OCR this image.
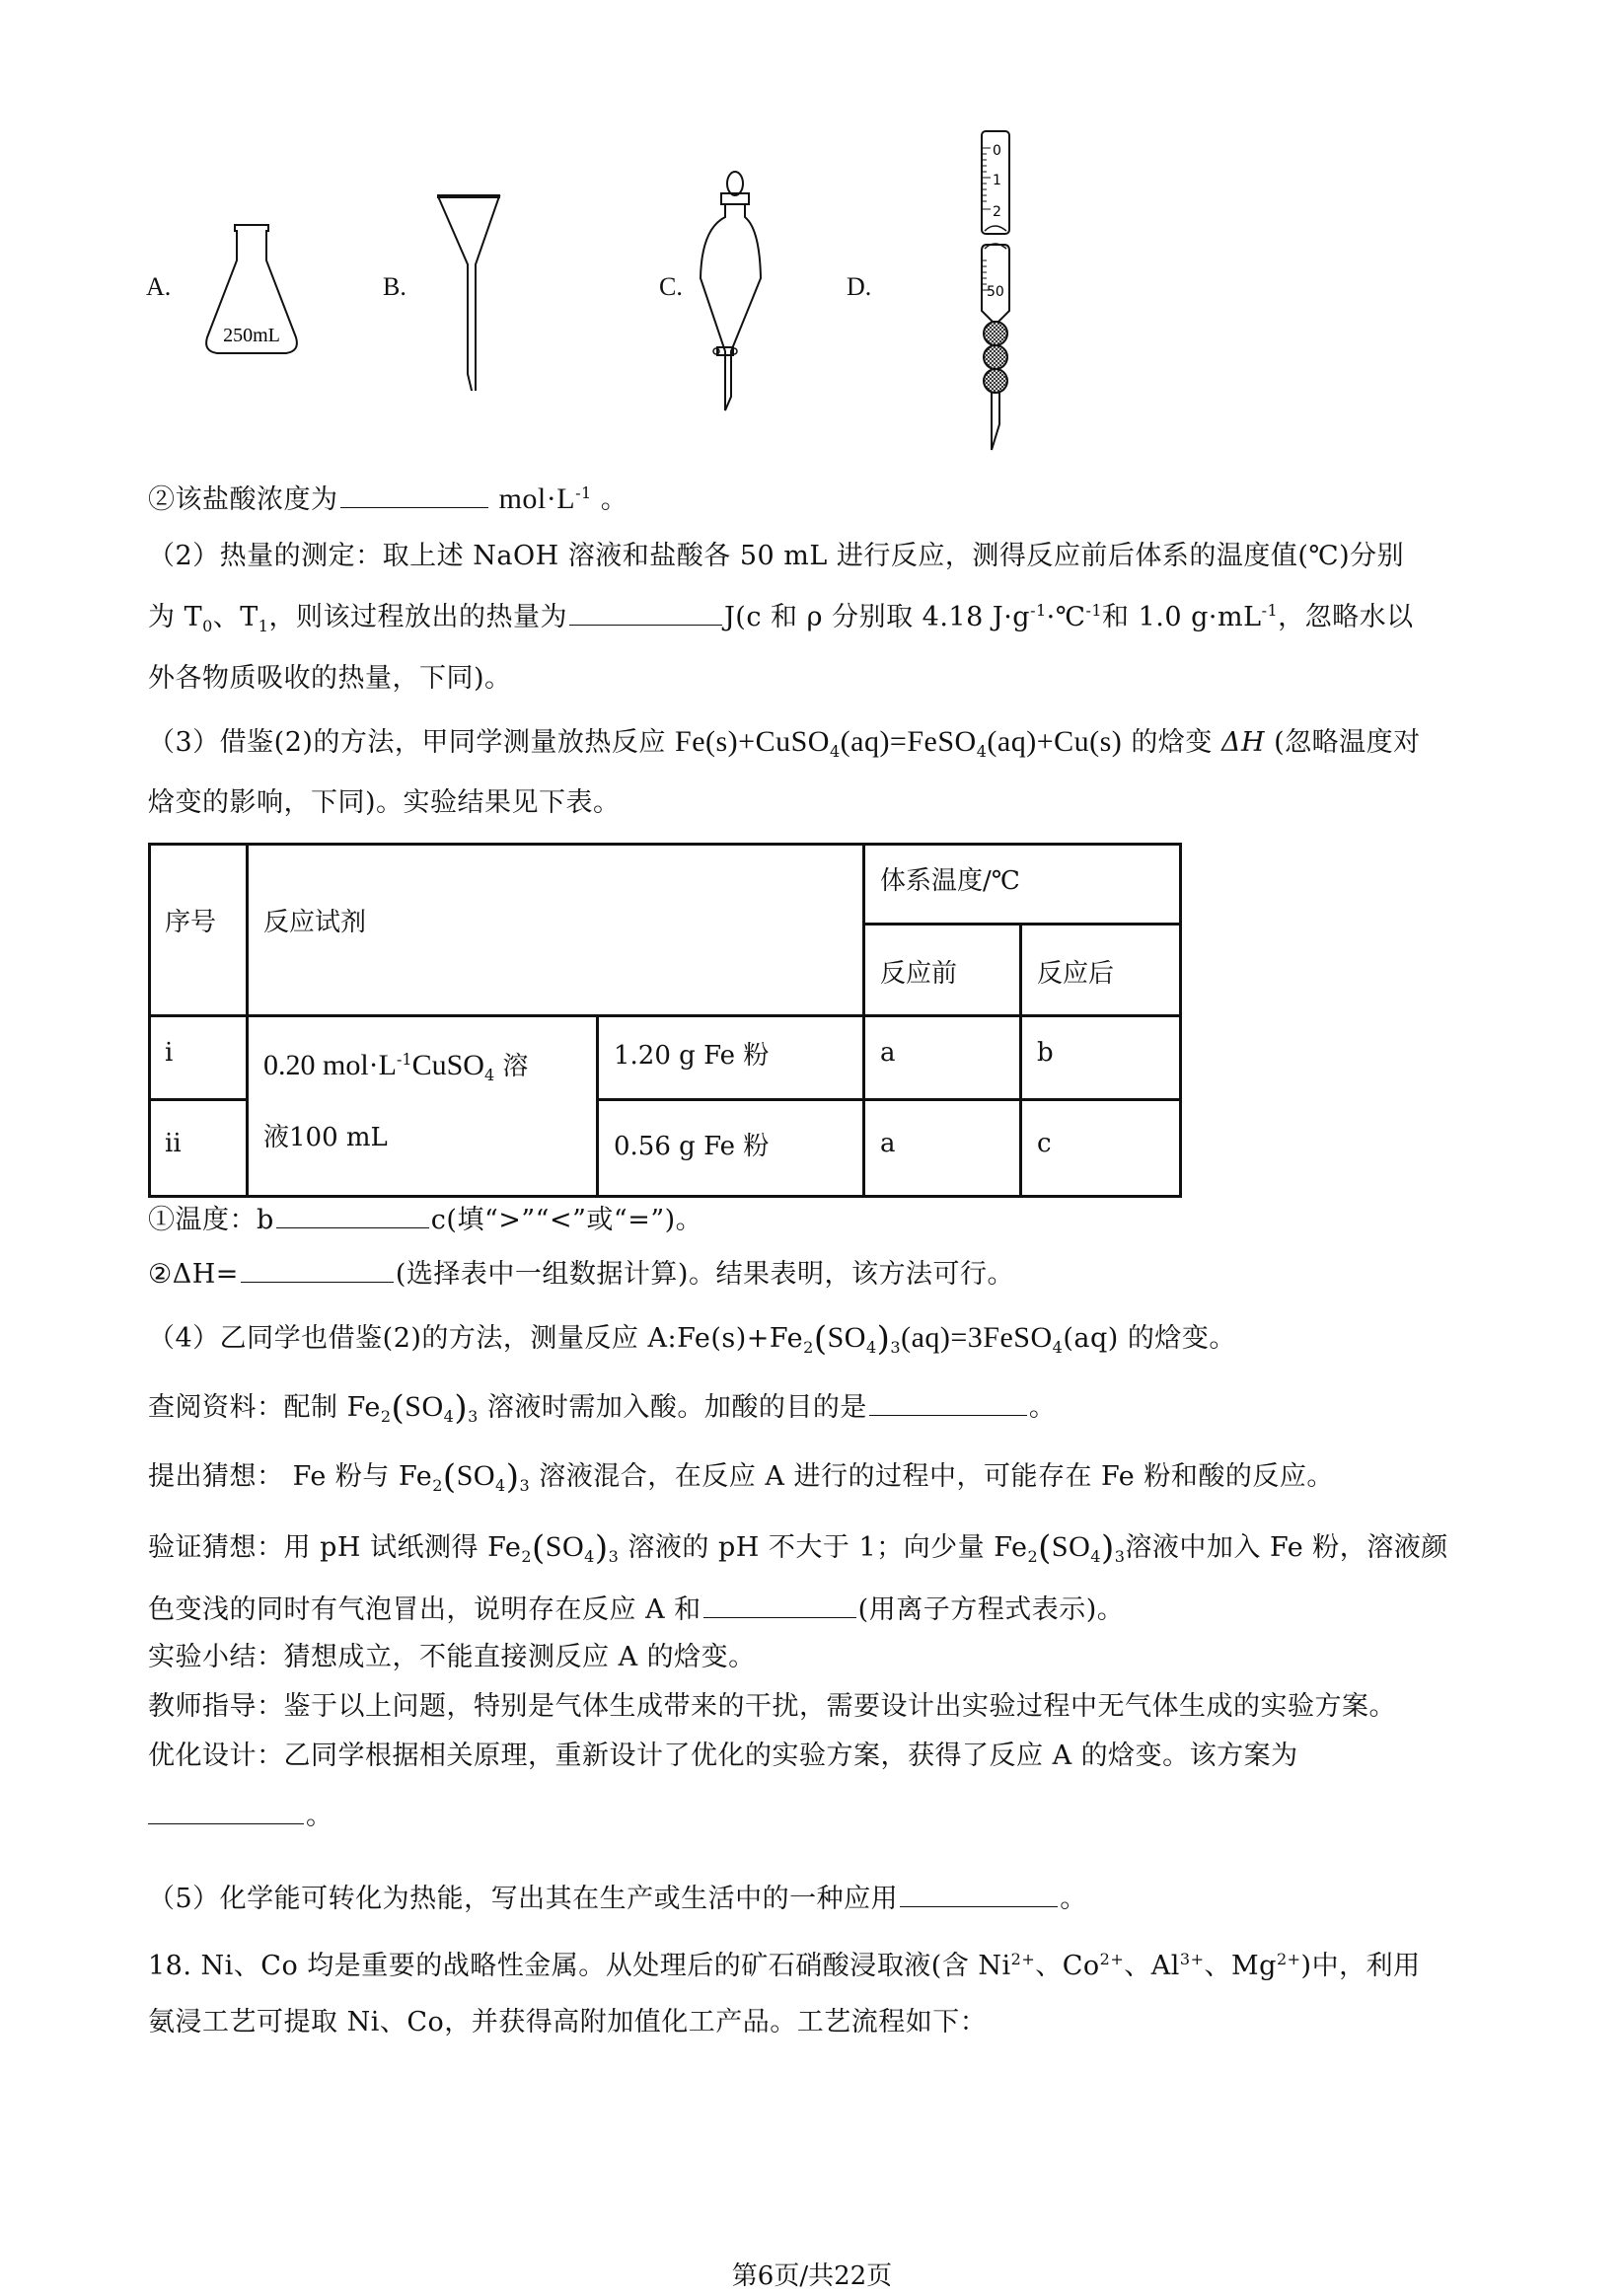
A.
250mL
B.	C.	D.
0
1
2
50
②该盐酸浓度为	$mol\cdot L^{-1}$ 。
（2）热量的测定：取上述 NaOH 溶液和盐酸各 50 mL 进行反应，测得反应前后体系的温度值(℃)分别
为 $T_0$、$T_1$，则该过程放出的热量为	J(c 和 ρ 分别取 4.18 $J\cdot g^{-1}\cdot℃^{-1}$和 1.0 $g\cdot mL^{-1}$，忽略水以
外各物质吸收的热量，下同)。
（3）借鉴(2)的方法，甲同学测量放热反应 Fe(s)+CuSO$_4$(aq)=FeSO$_4$(aq)+Cu(s) 的焓变 ΔH (忽略温度对
焓变的影响，下同)。实验结果见下表。
序号	反应试剂
体系温度/℃
反应前	反应后
0.20 $mol\cdot L^{-1}CuSO_4$ 溶
液100 mL
i	1.20 g Fe 粉	a	b
ii	0.56 g Fe 粉	a	c
①温度：b	c(填“>”“<”或“=”)。
②ΔH=	(选择表中一组数据计算)。结果表明，该方法可行。
（4）乙同学也借鉴(2)的方法，测量反应 $A:Fe(s)+Fe_2(SO_4)_3(aq)=3FeSO_4(aq)$ 的焓变。
查阅资料：配制 $Fe_2(SO_4)_3$ 溶液时需加入酸。加酸的目的是	。
提出猜想： Fe 粉与 $Fe_2(SO_4)_3$ 溶液混合，在反应 A 进行的过程中，可能存在 Fe 粉和酸的反应。
验证猜想：用 pH 试纸测得 $Fe_2(SO_4)_3$ 溶液的 pH 不大于 1；向少量 $Fe_2(SO_4)_3$溶液中加入 Fe 粉，溶液颜
色变浅的同时有气泡冒出，说明存在反应 A 和	(用离子方程式表示)。
实验小结：猜想成立，不能直接测反应 A 的焓变。
教师指导：鉴于以上问题，特别是气体生成带来的干扰，需要设计出实验过程中无气体生成的实验方案。
优化设计：乙同学根据相关原理，重新设计了优化的实验方案，获得了反应 A 的焓变。该方案为
。
（5）化学能可转化为热能，写出其在生产或生活中的一种应用	。
18. Ni、Co 均是重要的战略性金属。从处理后的矿石硝酸浸取液(含 $Ni^{2+}$、$Co^{2+}$、$Al^{3+}$、$Mg^{2+}$)中，利用
氨浸工艺可提取 Ni、Co，并获得高附加值化工产品。工艺流程如下：
第6页/共22页
